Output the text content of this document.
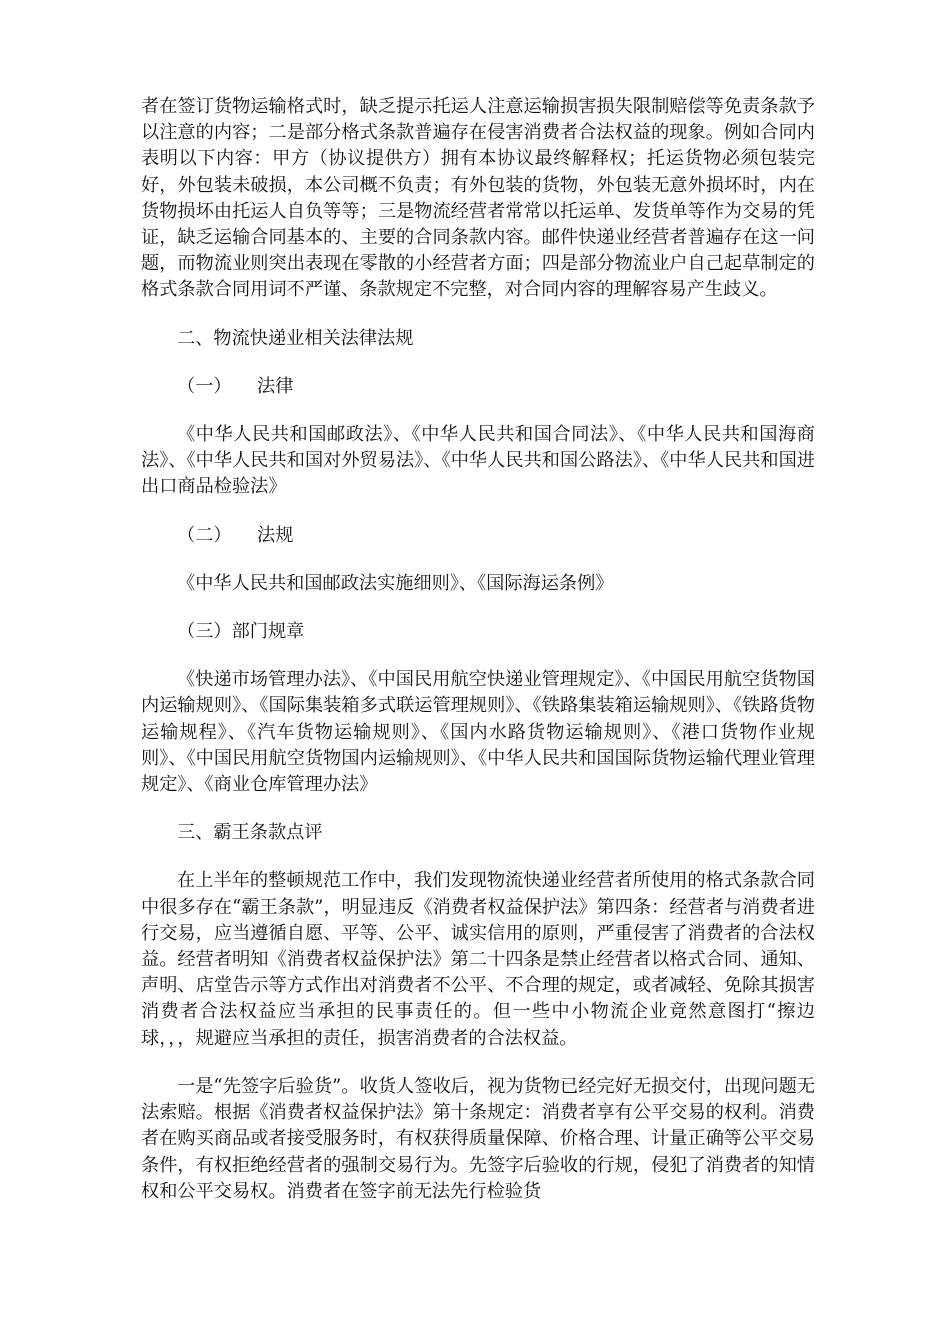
者在签订货物运输格式时，缺乏提示托运人注意运输损害损失限制赔偿等免责条款予以注意的内容；二是部分格式条款普遍存在侵害消费者合法权益的现象。例如合同内表明以下内容：甲方（协议提供方）拥有本协议最终解释权；托运货物必须包装完好，外包装未破损，本公司概不负责；有外包装的货物，外包装无意外损坏时，内在货物损坏由托运人自负等等；三是物流经营者常常以托运单、发货单等作为交易的凭证，缺乏运输合同基本的、主要的合同条款内容。邮件快递业经营者普遍存在这一问题，而物流业则突出表现在零散的小经营者方面；四是部分物流业户自己起草制定的格式条款合同用词不严谨、条款规定不完整，对合同内容的理解容易产生歧义。

二、物流快递业相关法律法规

（一） 法律

《中华人民共和国邮政法》、《中华人民共和国合同法》、《中华人民共和国海商法》、《中华人民共和国对外贸易法》、《中华人民共和国公路法》、《中华人民共和国进出口商品检验法》

（二） 法规

《中华人民共和国邮政法实施细则》、《国际海运条例》

（三）部门规章

《快递市场管理办法》、《中国民用航空快递业管理规定》、《中国民用航空货物国内运输规则》、《国际集装箱多式联运管理规则》、《铁路集装箱运输规则》、《铁路货物运输规程》、《汽车货物运输规则》、《国内水路货物运输规则》、《港口货物作业规则》、《中国民用航空货物国内运输规则》、《中华人民共和国国际货物运输代理业管理规定》、《商业仓库管理办法》

三、霸王条款点评

在上半年的整顿规范工作中，我们发现物流快递业经营者所使用的格式条款合同中很多存在“霸王条款”，明显违反《消费者权益保护法》第四条：经营者与消费者进行交易，应当遵循自愿、平等、公平、诚实信用的原则，严重侵害了消费者的合法权益。经营者明知《消费者权益保护法》第二十四条是禁止经营者以格式合同、通知、声明、店堂告示等方式作出对消费者不公平、不合理的规定，或者减轻、免除其损害消费者合法权益应当承担的民事责任的。但一些中小物流企业竟然意图打“擦边球，，，规避应当承担的责任，损害消费者的合法权益。

一是“先签字后验货”。收货人签收后，视为货物已经完好无损交付，出现问题无法索赔。根据《消费者权益保护法》第十条规定：消费者享有公平交易的权利。消费者在购买商品或者接受服务时，有权获得质量保障、价格合理、计量正确等公平交易条件，有权拒绝经营者的强制交易行为。先签字后验收的行规，侵犯了消费者的知情权和公平交易权。消费者在签字前无法先行检验货
